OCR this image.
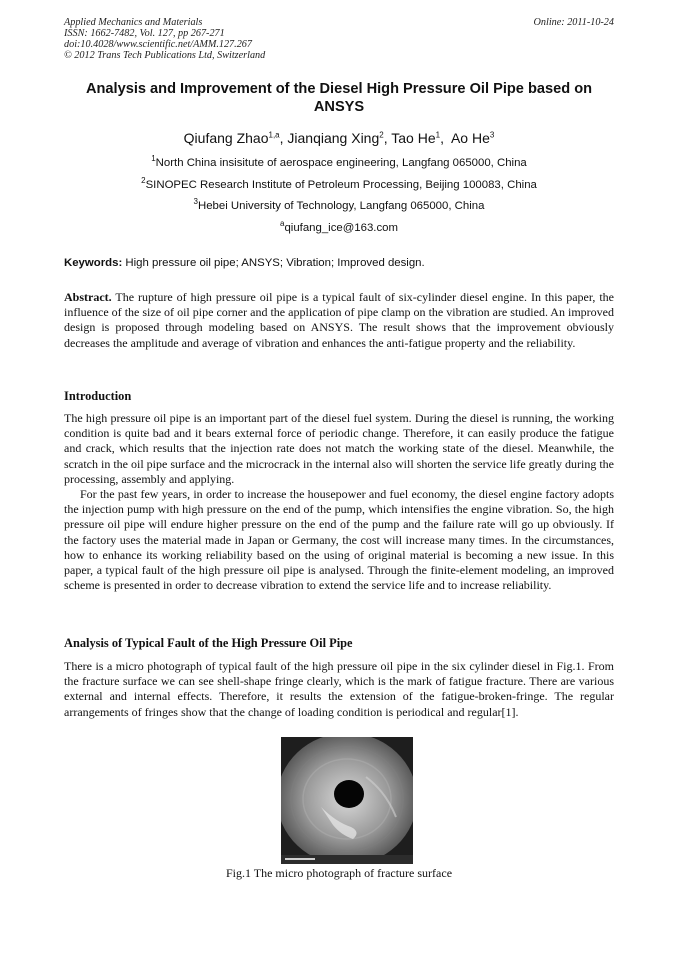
Applied Mechanics and Materials
ISSN: 1662-7482, Vol. 127, pp 267-271
doi:10.4028/www.scientific.net/AMM.127.267
© 2012 Trans Tech Publications Ltd, Switzerland
Online: 2011-10-24
Analysis and Improvement of the Diesel High Pressure Oil Pipe based on
ANSYS
Qiufang Zhao$^{1,a}$, Jianqiang Xing$^2$, Tao He$^1$,  Ao He$^3$
$^1$North China insisitute of aerospace engineering, Langfang 065000, China
$^2$SINOPEC Research Institute of Petroleum Processing, Beijing 100083, China
$^3$Hebei University of Technology, Langfang 065000, China
$^a$qiufang_ice@163.com
Keywords: High pressure oil pipe; ANSYS; Vibration; Improved design.
Abstract. The rupture of high pressure oil pipe is a typical fault of six-cylinder diesel engine. In this paper, the influence of the size of oil pipe corner and the application of pipe clamp on the vibration are studied. An improved design is proposed through modeling based on ANSYS. The result shows that the improvement obviously decreases the amplitude and average of vibration and enhances the anti-fatigue property and the reliability.
Introduction
The high pressure oil pipe is an important part of the diesel fuel system. During the diesel is running, the working condition is quite bad and it bears external force of periodic change. Therefore, it can easily produce the fatigue and crack, which results that the injection rate does not match the working state of the diesel. Meanwhile, the scratch in the oil pipe surface and the microcrack in the internal also will shorten the service life greatly during the processing, assembly and applying.
For the past few years, in order to increase the housepower and fuel economy, the diesel engine factory adopts the injection pump with high pressure on the end of the pump, which intensifies the engine vibration. So, the high pressure oil pipe will endure higher pressure on the end of the pump and the failure rate will go up obviously. If the factory uses the material made in Japan or Germany, the cost will increase many times. In the circumstances, how to enhance its working reliability based on the using of original material is becoming a new issue. In this paper, a typical fault of the high pressure oil pipe is analysed. Through the finite-element modeling, an improved scheme is presented in order to decrease vibration to extend the service life and to increase reliability.
Analysis of Typical Fault of the High Pressure Oil Pipe
There is a micro photograph of typical fault of the high pressure oil pipe in the six cylinder diesel in Fig.1. From the fracture surface we can see shell-shape fringe clearly, which is the mark of fatigue fracture. There are various external and internal effects. Therefore, it results the extension of the fatigue-broken-fringe. The regular arrangements of fringes show that the change of loading condition is periodical and regular[1].
Fig.1 The micro photograph of fracture surface
